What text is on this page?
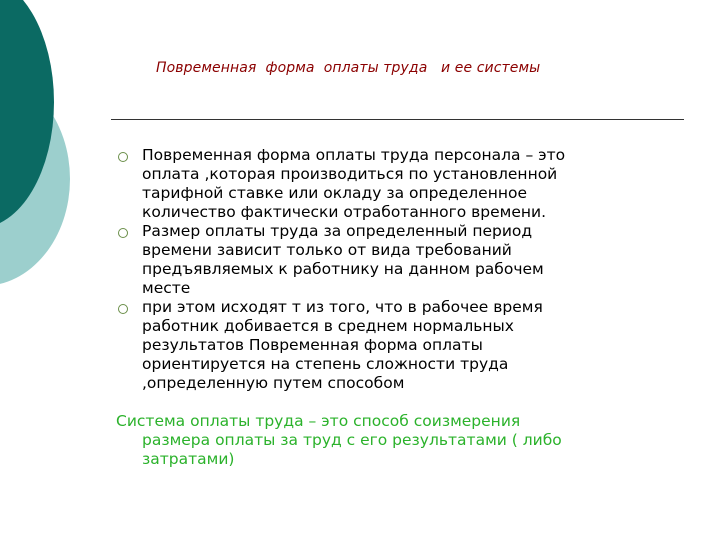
Повременная  форма  оплаты труда   и ее системы
Повременная форма оплаты труда персонала – это
оплата ,которая производиться по установленной
тарифной ставке или окладу за определенное
количество фактически отработанного времени.
Размер оплаты труда за определенный период
времени зависит только от вида требований
предъявляемых к работнику на данном рабочем
месте
при этом исходят т из того, что в рабочее время
работник добивается в среднем нормальных
результатов Повременная форма оплаты
ориентируется на степень сложности труда
,определенную путем способом

Система оплаты труда – это способ соизмерения

размера оплаты за труд с его результатами ( либо
затратами)
